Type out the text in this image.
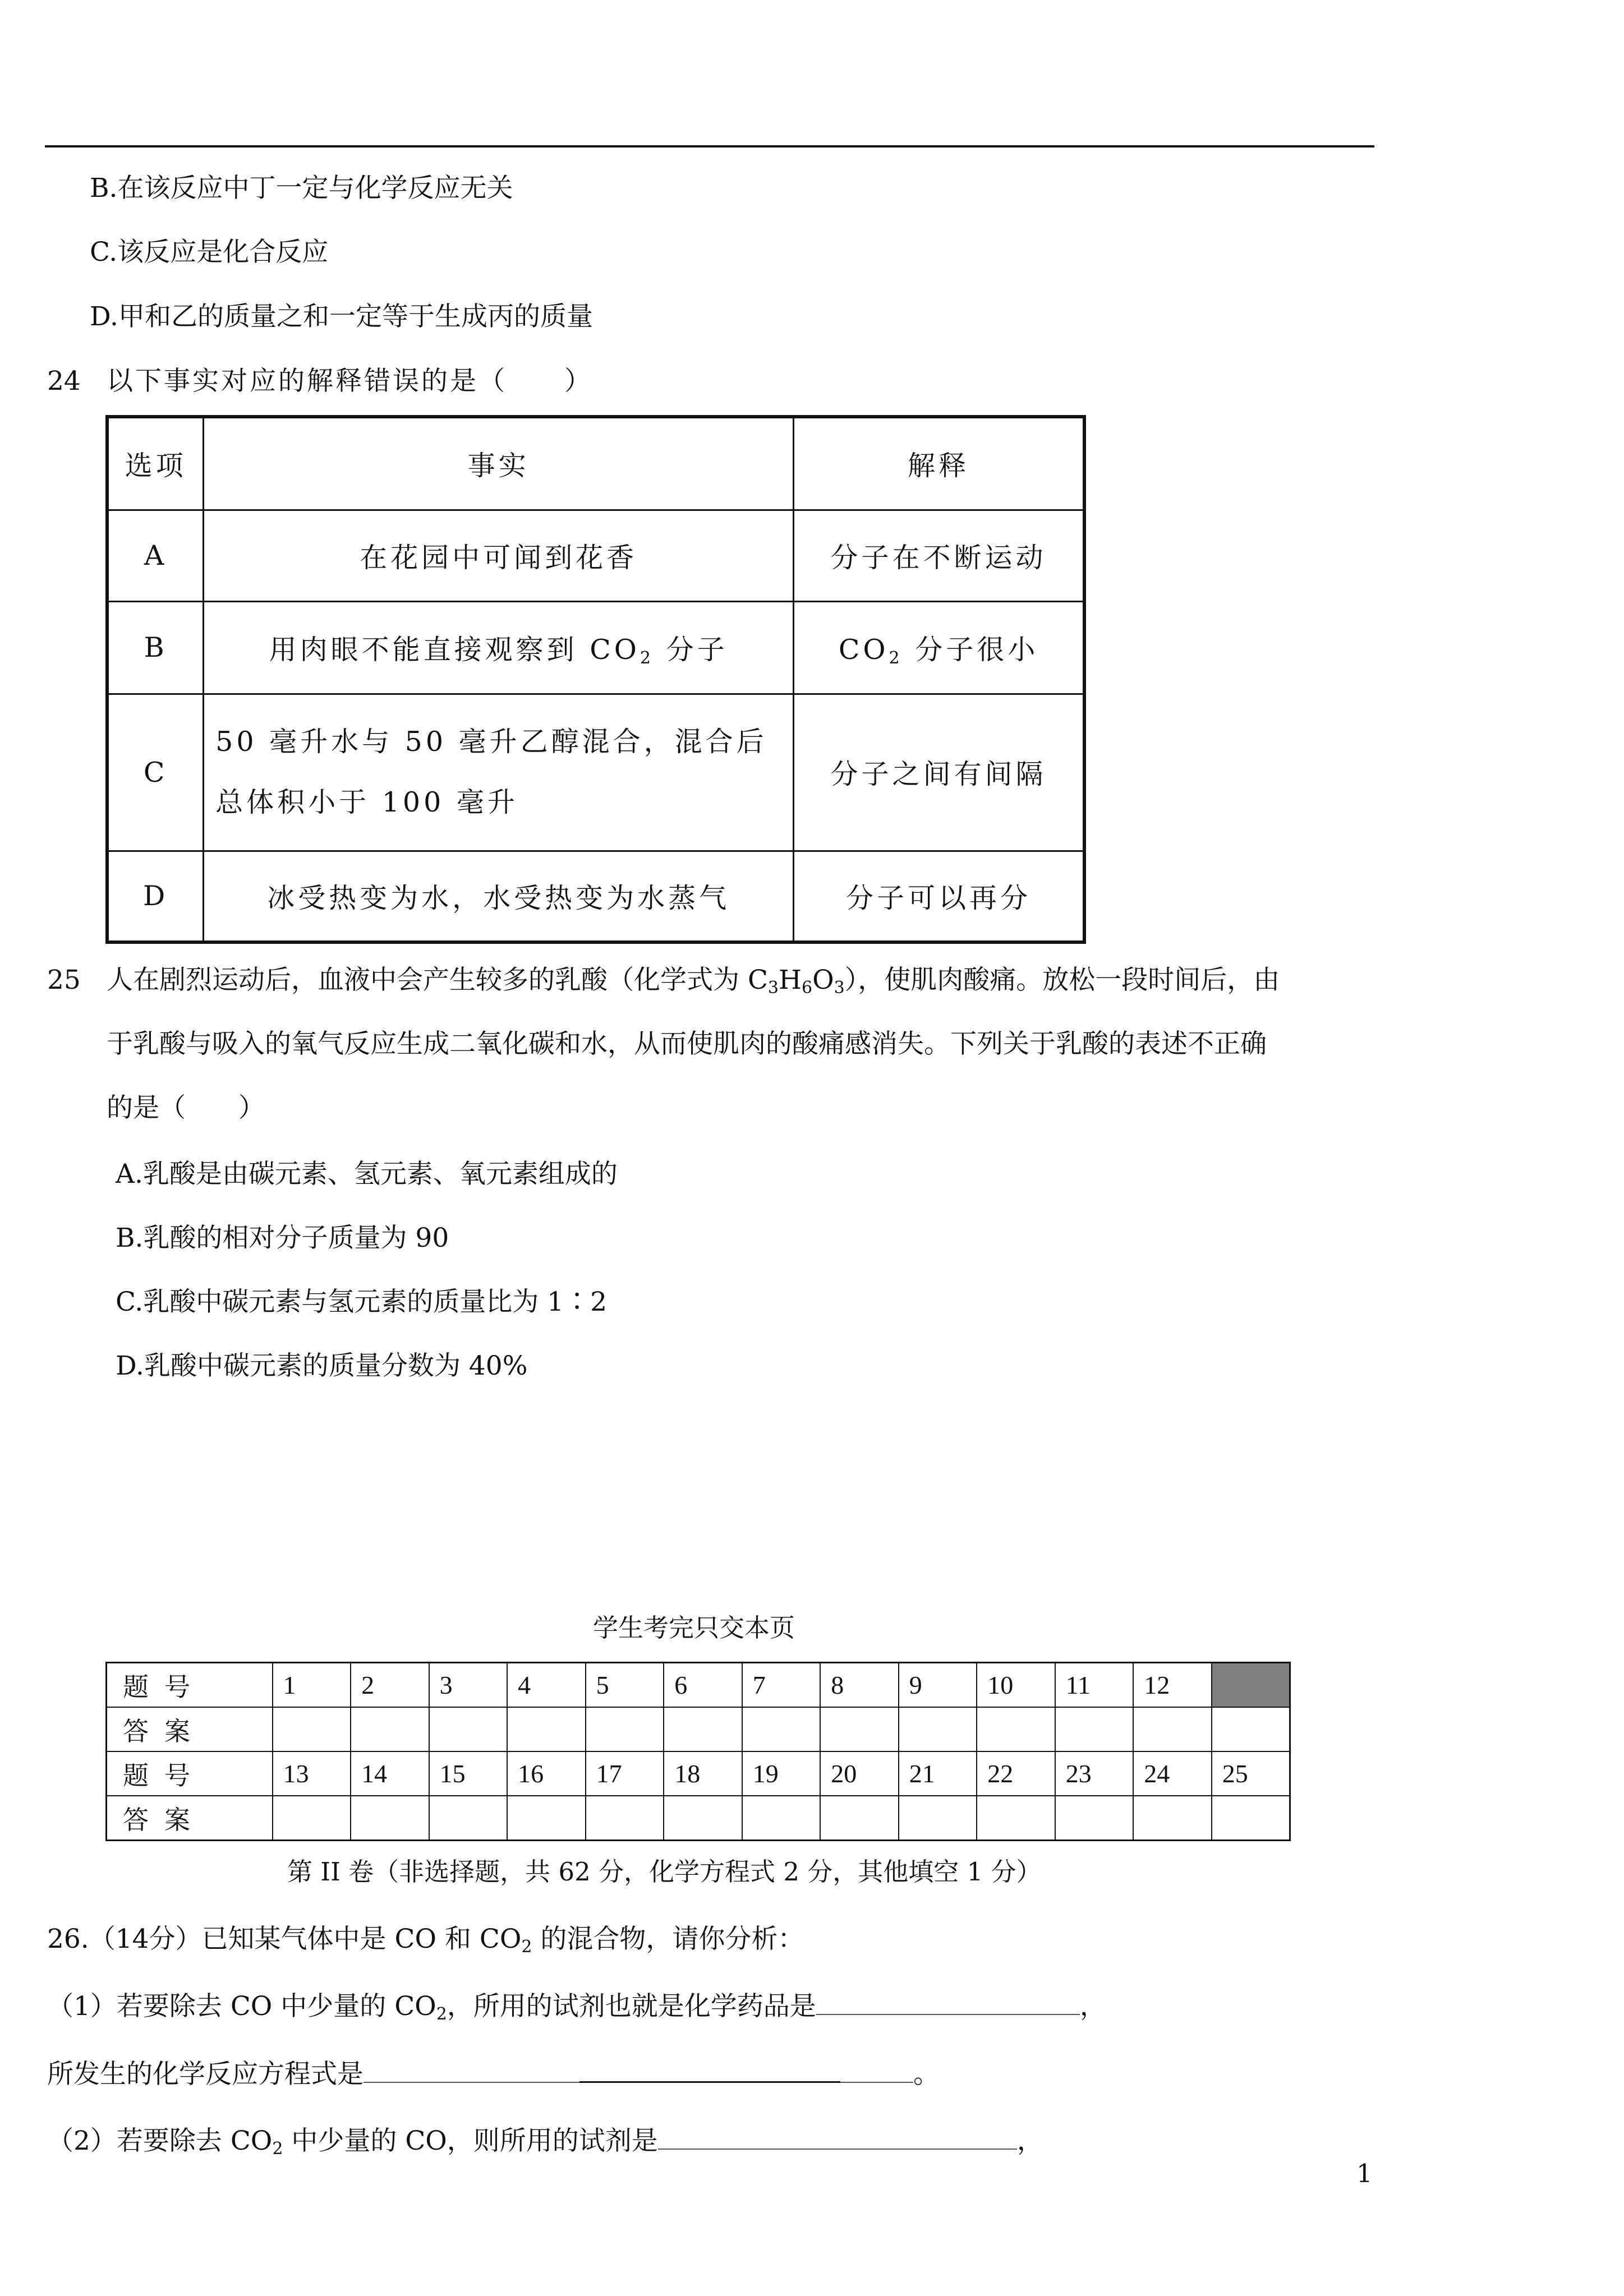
B.在该反应中丁一定与化学反应无关
C.该反应是化合反应
D.甲和乙的质量之和一定等于生成丙的质量
24 以下事实对应的解释错误的是（　　）
选项	事实	解释
A	在花园中可闻到花香	分子在不断运动
B	用肉眼不能直接观察到 $CO_2$ 分子	$CO_2$ 分子很小
C	50 毫升水与 50 毫升乙醇混合，混合后总体积小于 100 毫升	分子之间有间隔
D	冰受热变为水，水受热变为水蒸气	分子可以再分
25 人在剧烈运动后，血液中会产生较多的乳酸（化学式为 $C_3H_6O_3$），使肌肉酸痛。放松一段时间后，由
于乳酸与吸入的氧气反应生成二氧化碳和水，从而使肌肉的酸痛感消失。下列关于乳酸的表述不正确
的是（　　）
A.乳酸是由碳元素、氢元素、氧元素组成的
B.乳酸的相对分子质量为 90
C.乳酸中碳元素与氢元素的质量比为 1∶2
D.乳酸中碳元素的质量分数为 40%
学生考完只交本页
题号	1	2	3	4	5	6	7	8	9	10	11	12	
答案													
题号	13	14	15	16	17	18	19	20	21	22	23	24	25
答案													
第 II 卷（非选择题，共 62 分，化学方程式 2 分，其他填空 1 分）
26.（14分）已知某气体中是 CO 和 $CO_2$ 的混合物，请你分析：
（1）若要除去 CO 中少量的 $CO_2$，所用的试剂也就是化学药品是	，
所发生的化学反应方程式是	。
（2）若要除去 $CO_2$ 中少量的 CO，则所用的试剂是	，
1
